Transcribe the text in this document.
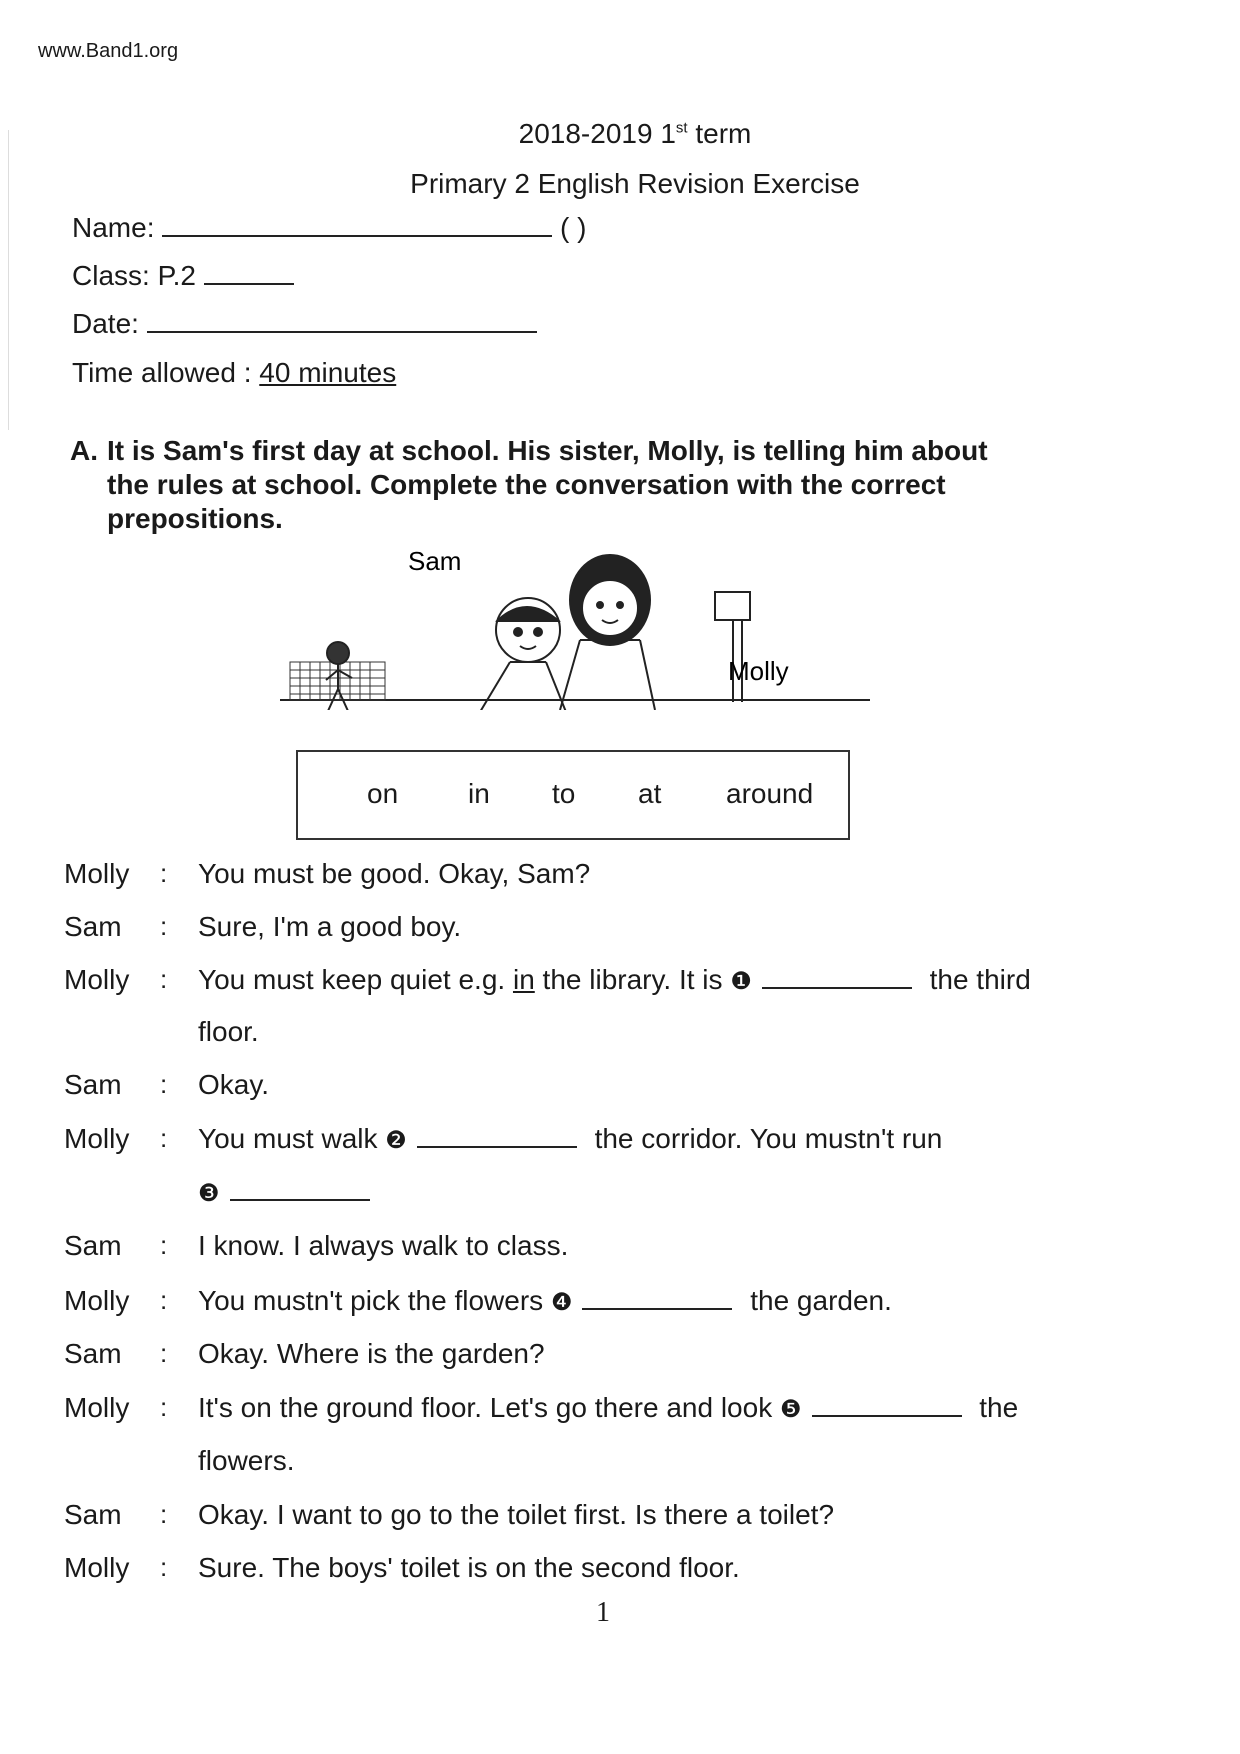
www.Band1.org
2018-2019 1st term
Primary 2 English Revision Exercise
Name:	( )
Class: P.2
Date:
Time allowed : 40 minutes
A. It is Sam's first day at school. His sister, Molly, is telling him about
the rules at school. Complete the conversation with the correct
prepositions.
Sam
Molly
on in to at around
Molly : You must be good. Okay, Sam?
Sam : Sure, I'm a good boy.
Molly : You must keep quiet e.g. in the library. It is ❶	the third
floor.
Sam : Okay.
Molly : You must walk ❷	the corridor. You mustn't run
❸
Sam : I know. I always walk to class.
Molly : You mustn't pick the flowers ❹	the garden.
Sam : Okay. Where is the garden?
Molly : It's on the ground floor. Let's go there and look ❺	the
flowers.
Sam : Okay. I want to go to the toilet first. Is there a toilet?
Molly : Sure. The boys' toilet is on the second floor.
1
